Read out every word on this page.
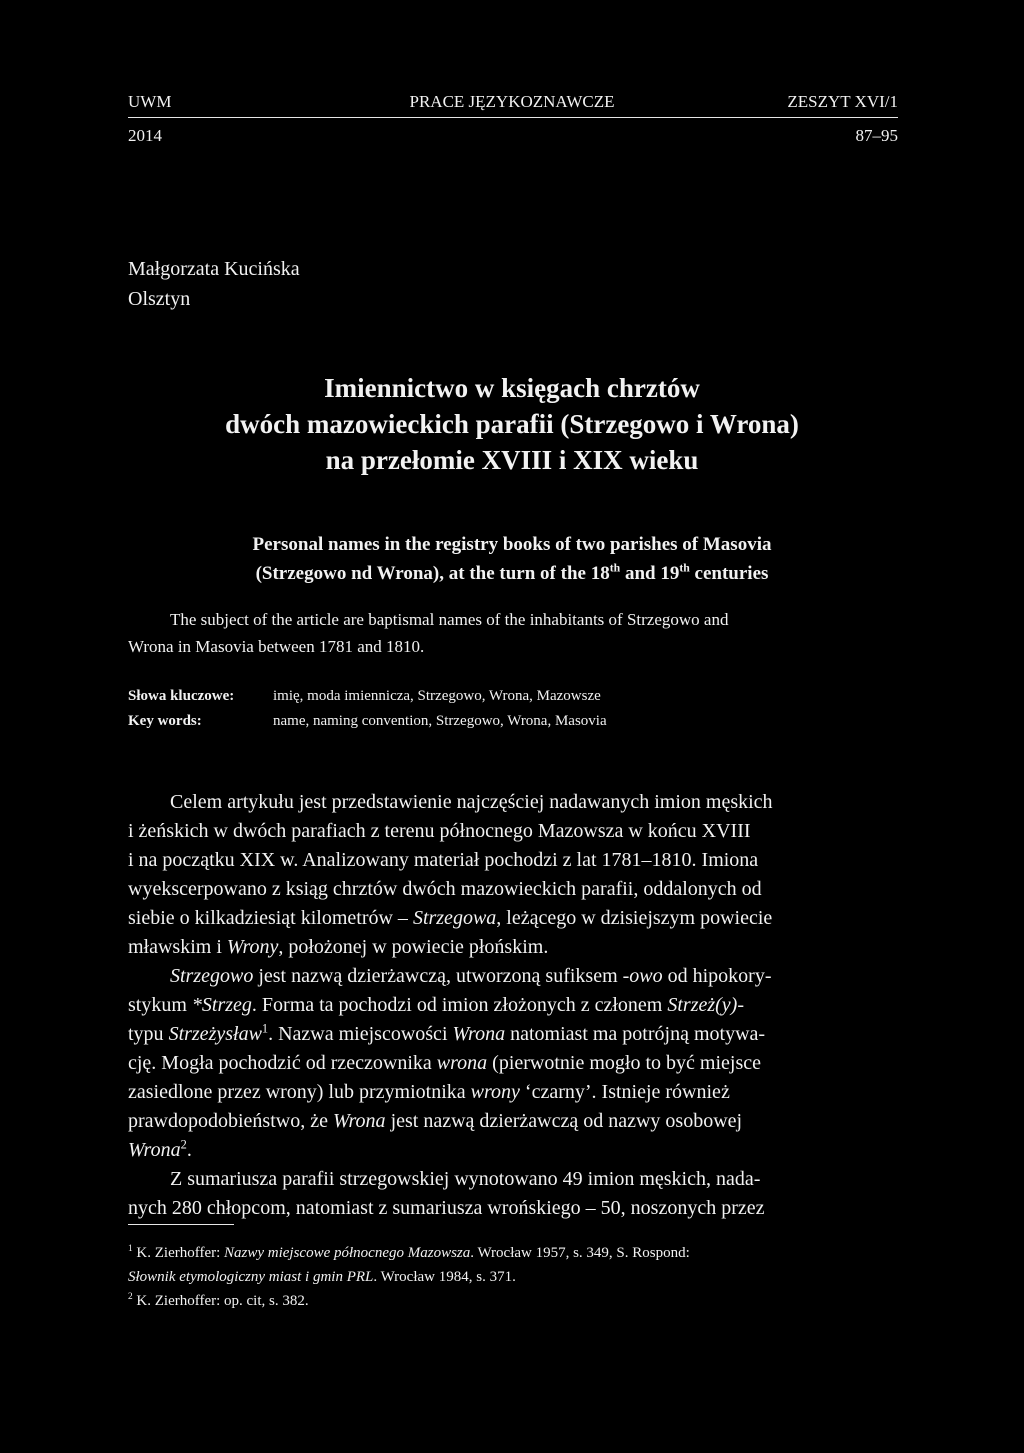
UWM	PRACE JĘZYKOZNAWCZE	ZESZYT XVI/1
2014	87–95
Małgorzata Kucińska
Olsztyn
Imiennictwo w księgach chrztów
dwóch mazowieckich parafii (Strzegowo i Wrona)
na przełomie XVIII i XIX wieku
Personal names in the registry books of two parishes of Masovia
(Strzegowo nd Wrona), at the turn of the 18th and 19th centuries
The subject of the article are baptismal names of the inhabitants of Strzegowo and
Wrona in Masovia between 1781 and 1810.
Słowa kluczowe:	imię, moda imiennicza, Strzegowo, Wrona, Mazowsze
Key words:	name, naming convention, Strzegowo, Wrona, Masovia
Celem artykułu jest przedstawienie najczęściej nadawanych imion męskich
i żeńskich w dwóch parafiach z terenu północnego Mazowsza w końcu XVIII
i na początku XIX w. Analizowany materiał pochodzi z lat 1781–1810. Imiona
wyekscerpowano z ksiąg chrztów dwóch mazowieckich parafii, oddalonych od
siebie o kilkadziesiąt kilometrów – Strzegowa, leżącego w dzisiejszym powiecie
mławskim i Wrony, położonej w powiecie płońskim.
Strzegowo jest nazwą dzierżawczą, utworzoną sufiksem -owo od hipokory-
stykum *Strzeg. Forma ta pochodzi od imion złożonych z członem Strzeż(y)-
typu Strzeżysław$^1$. Nazwa miejscowości Wrona natomiast ma potrójną motywa-
cję. Mogła pochodzić od rzeczownika wrona (pierwotnie mogło to być miejsce
zasiedlone przez wrony) lub przymiotnika wrony ‘czarny’. Istnieje również
prawdopodobieństwo, że Wrona jest nazwą dzierżawczą od nazwy osobowej
Wrona$^2$.
Z sumariusza parafii strzegowskiej wynotowano 49 imion męskich, nada-
nych 280 chłopcom, natomiast z sumariusza wrońskiego – 50, noszonych przez
$^1$ K. Zierhoffer: Nazwy miejscowe północnego Mazowsza. Wrocław 1957, s. 349, S. Rospond:
Słownik etymologiczny miast i gmin PRL. Wrocław 1984, s. 371.
$^2$ K. Zierhoffer: op. cit, s. 382.
